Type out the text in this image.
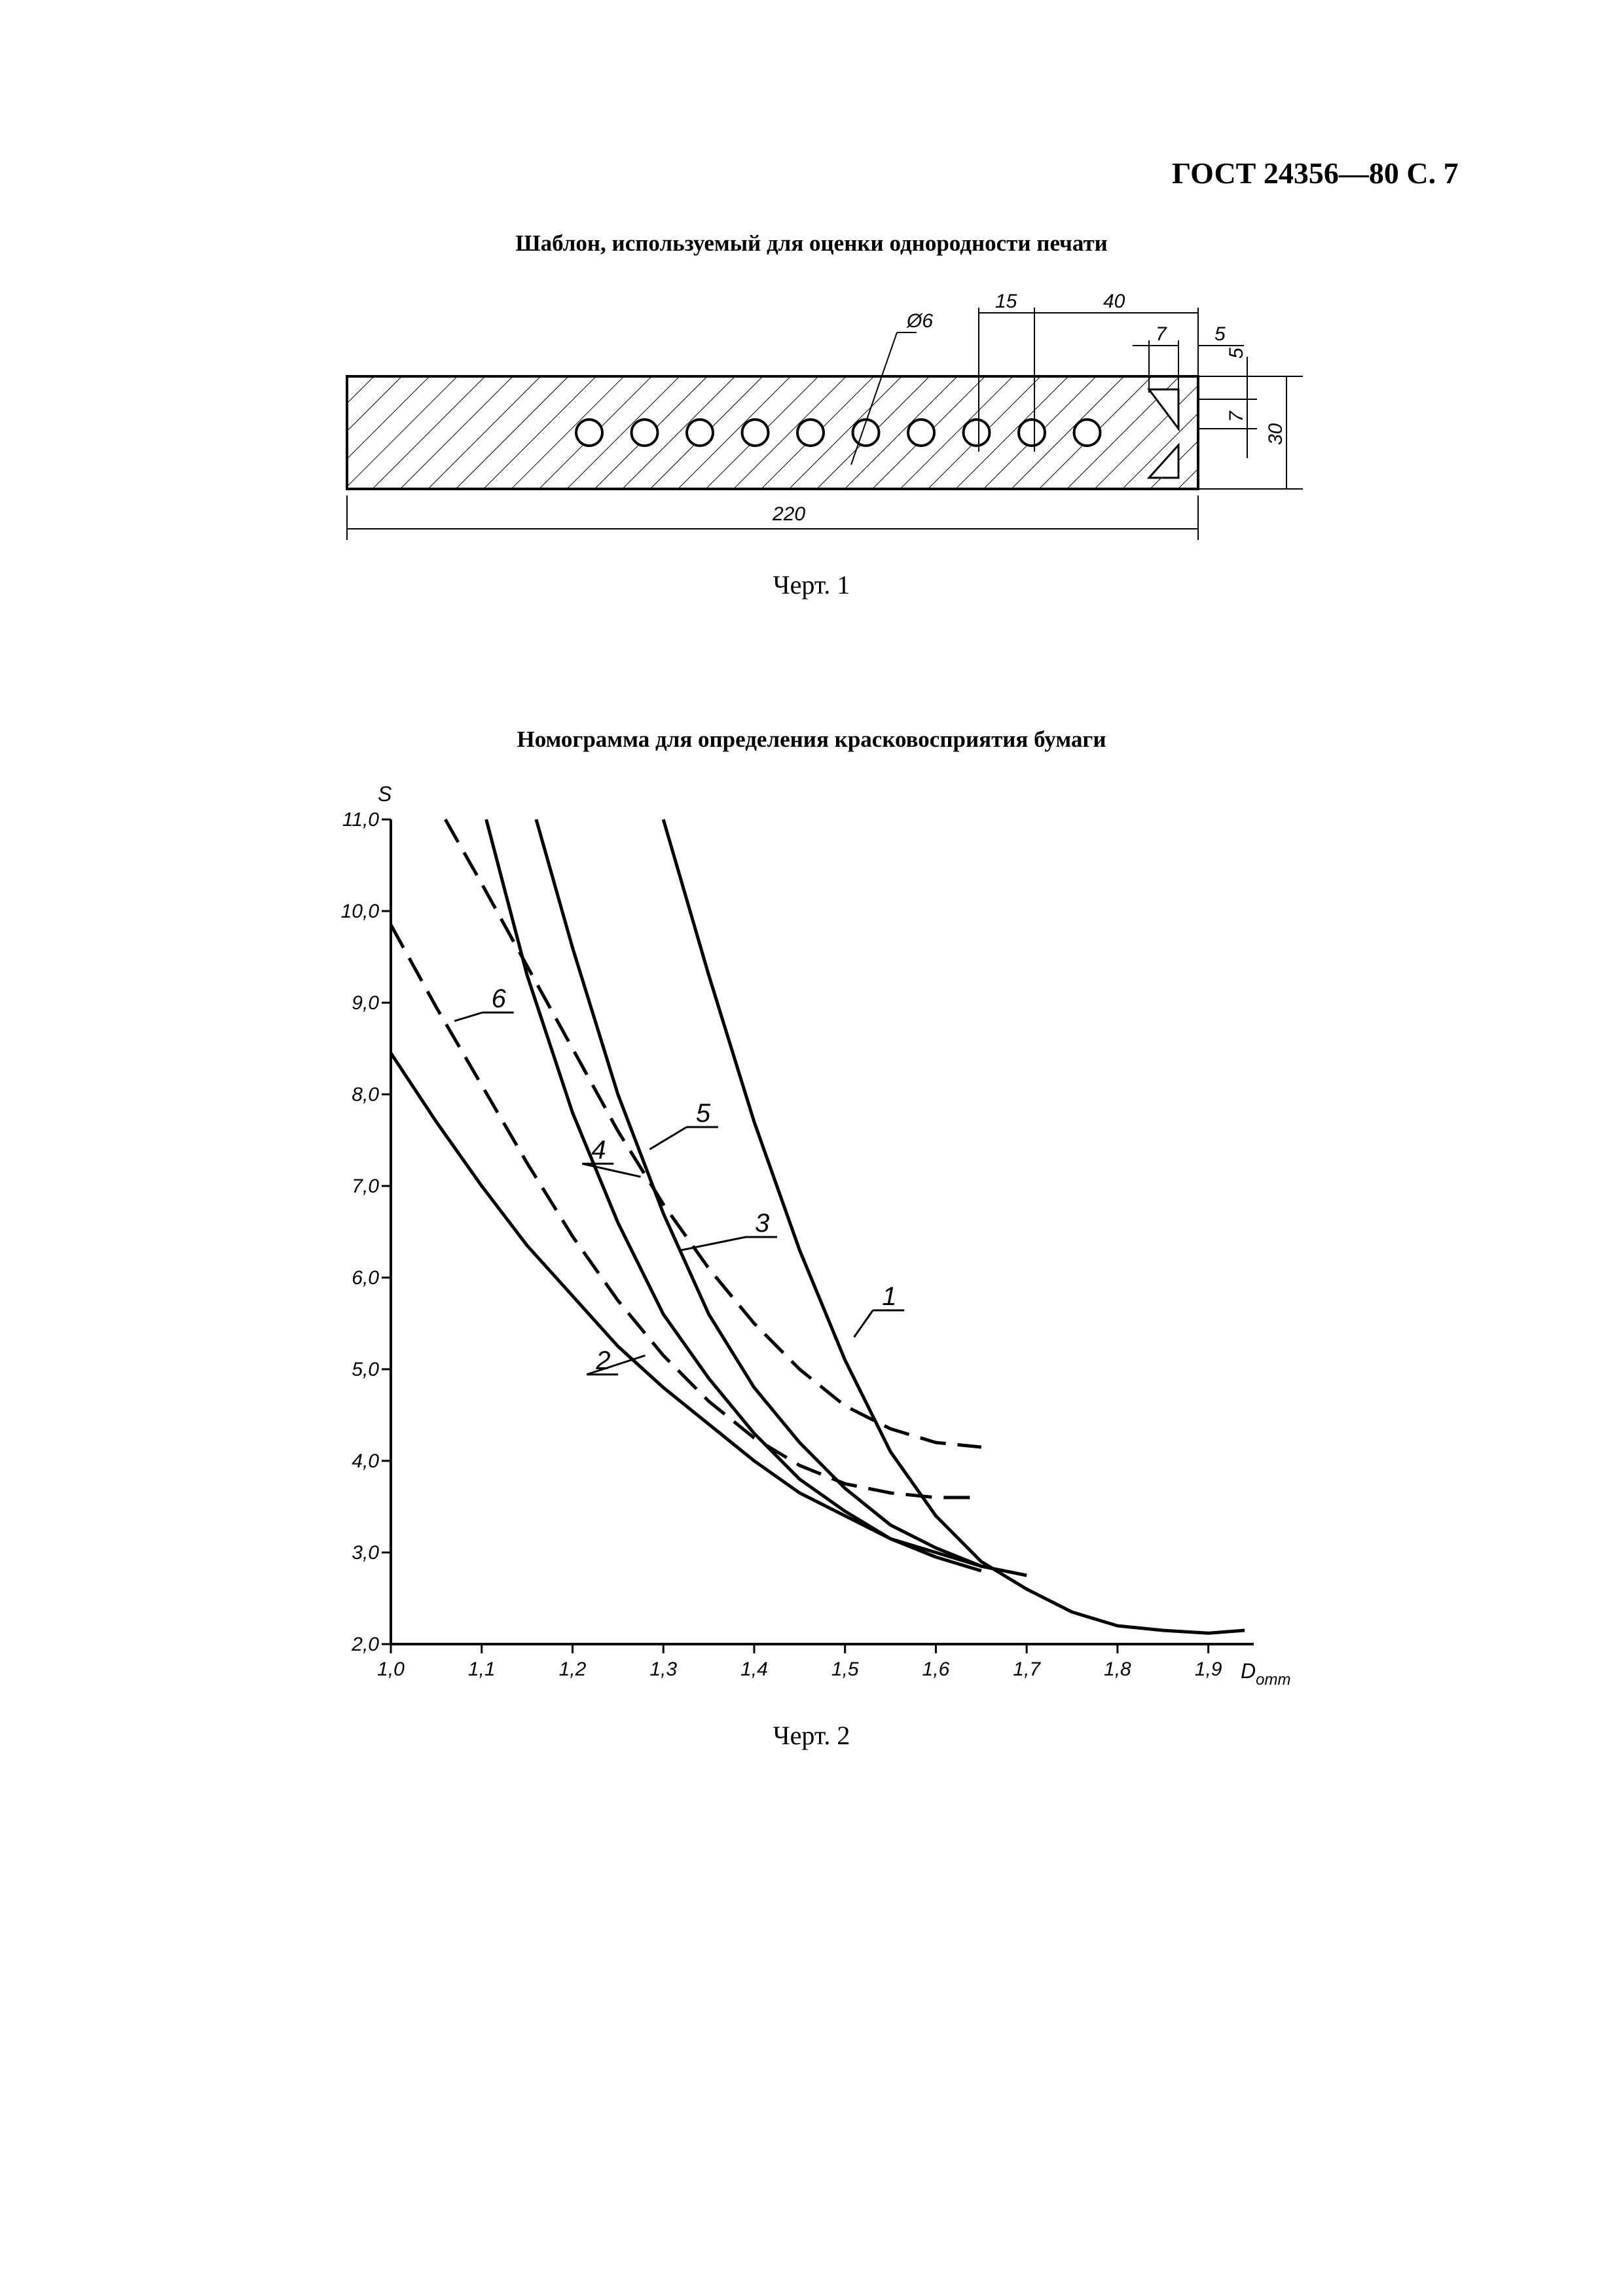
ГОСТ 24356—80 С. 7
Шаблон, используемый для оценки однородности печати
Черт. 1
Номограмма для определения красковосприятия бумаги
Черт. 2
220
15	40
7 5
Ø6
5
7
30
2,0
3,0
4,0
5,0
6,0
7,0
8,0
9,0
10,0
11,0
1,0	1,1	1,2	1,3	1,4	1,5	1,6	1,7	1,8	1,9
1
2
3
4
5
6
S
$D_{отт}$
